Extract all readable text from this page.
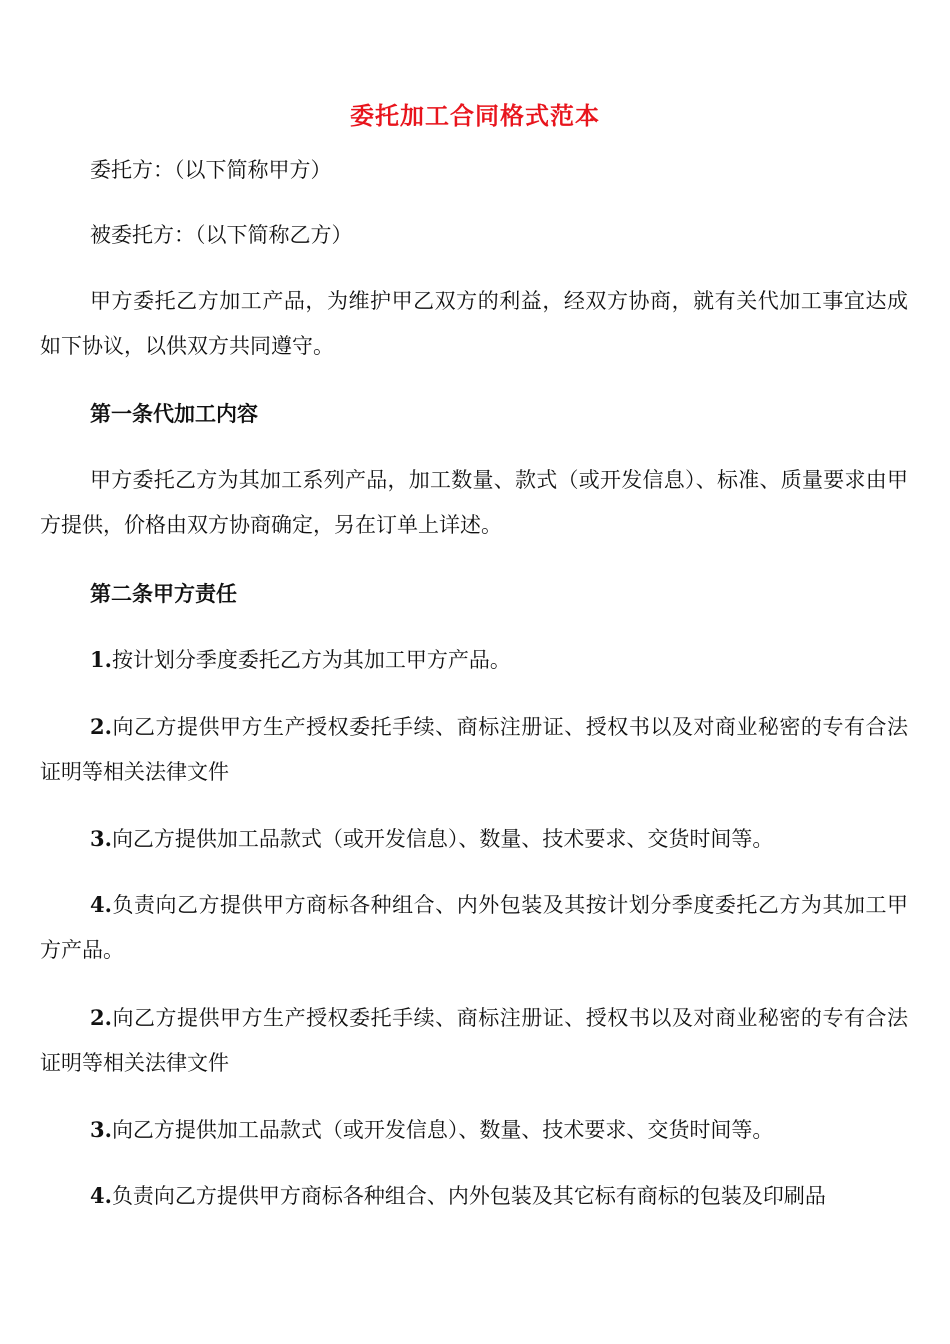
委托加工合同格式范本

委托方：（以下简称甲方）

被委托方：（以下简称乙方）

甲方委托乙方加工产品，为维护甲乙双方的利益，经双方协商，就有关代加工事宜达成如下协议，以供双方共同遵守。

第一条代加工内容

甲方委托乙方为其加工系列产品，加工数量、款式（或开发信息）、标准、质量要求由甲方提供，价格由双方协商确定，另在订单上详述。

第二条甲方责任

1.按计划分季度委托乙方为其加工甲方产品。

2.向乙方提供甲方生产授权委托手续、商标注册证、授权书以及对商业秘密的专有合法证明等相关法律文件

3.向乙方提供加工品款式（或开发信息）、数量、技术要求、交货时间等。

4.负责向乙方提供甲方商标各种组合、内外包装及其按计划分季度委托乙方为其加工甲方产品。

2.向乙方提供甲方生产授权委托手续、商标注册证、授权书以及对商业秘密的专有合法证明等相关法律文件

3.向乙方提供加工品款式（或开发信息）、数量、技术要求、交货时间等。

4.负责向乙方提供甲方商标各种组合、内外包装及其它标有商标的包装及印刷品
